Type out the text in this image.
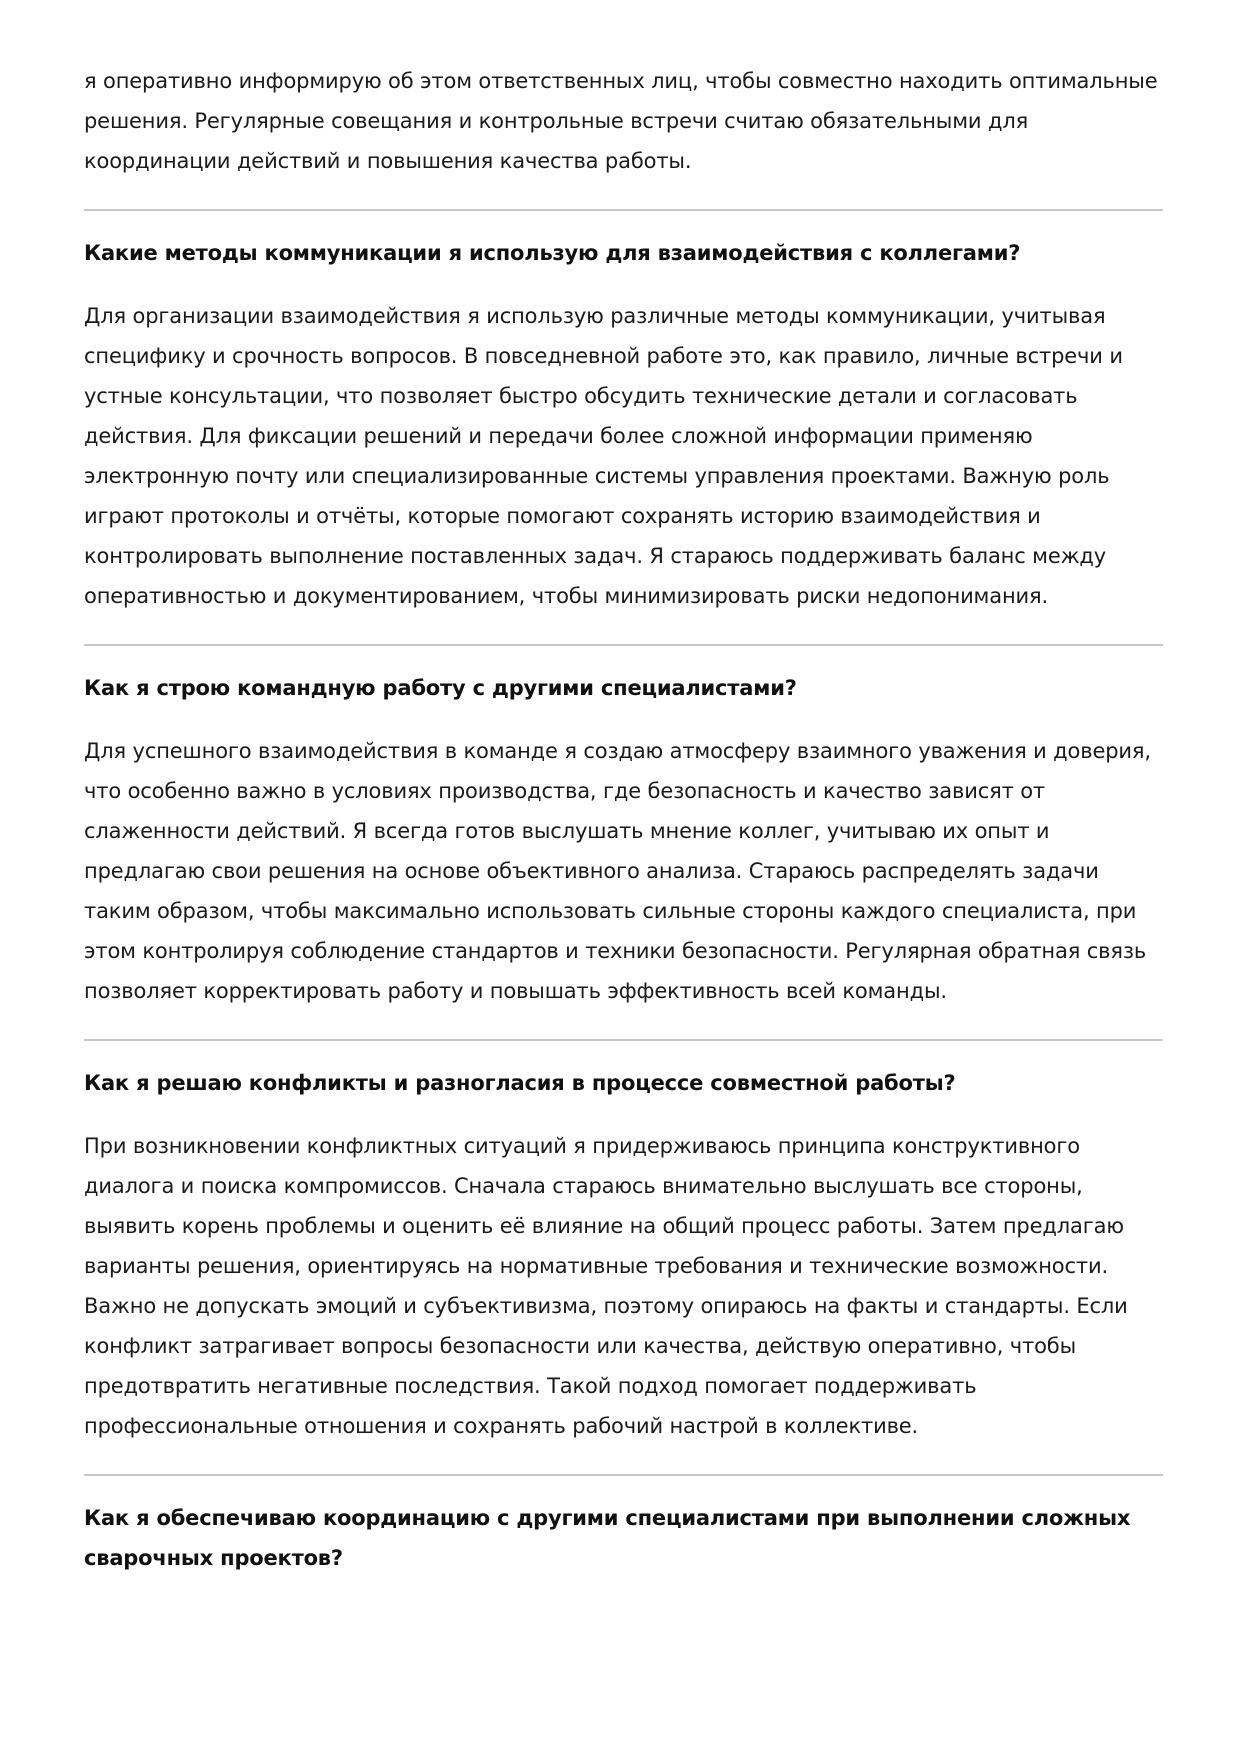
я оперативно информирую об этом ответственных лиц, чтобы совместно находить оптимальные решения. Регулярные совещания и контрольные встречи считаю обязательными для координации действий и повышения качества работы.

Какие методы коммуникации я использую для взаимодействия с коллегами?

Для организации взаимодействия я использую различные методы коммуникации, учитывая специфику и срочность вопросов. В повседневной работе это, как правило, личные встречи и устные консультации, что позволяет быстро обсудить технические детали и согласовать действия. Для фиксации решений и передачи более сложной информации применяю электронную почту или специализированные системы управления проектами. Важную роль играют протоколы и отчёты, которые помогают сохранять историю взаимодействия и контролировать выполнение поставленных задач. Я стараюсь поддерживать баланс между оперативностью и документированием, чтобы минимизировать риски недопонимания.

Как я строю командную работу с другими специалистами?

Для успешного взаимодействия в команде я создаю атмосферу взаимного уважения и доверия, что особенно важно в условиях производства, где безопасность и качество зависят от слаженности действий. Я всегда готов выслушать мнение коллег, учитываю их опыт и предлагаю свои решения на основе объективного анализа. Стараюсь распределять задачи таким образом, чтобы максимально использовать сильные стороны каждого специалиста, при этом контролируя соблюдение стандартов и техники безопасности. Регулярная обратная связь позволяет корректировать работу и повышать эффективность всей команды.

Как я решаю конфликты и разногласия в процессе совместной работы?

При возникновении конфликтных ситуаций я придерживаюсь принципа конструктивного диалога и поиска компромиссов. Сначала стараюсь внимательно выслушать все стороны, выявить корень проблемы и оценить её влияние на общий процесс работы. Затем предлагаю варианты решения, ориентируясь на нормативные требования и технические возможности. Важно не допускать эмоций и субъективизма, поэтому опираюсь на факты и стандарты. Если конфликт затрагивает вопросы безопасности или качества, действую оперативно, чтобы предотвратить негативные последствия. Такой подход помогает поддерживать профессиональные отношения и сохранять рабочий настрой в коллективе.

Как я обеспечиваю координацию с другими специалистами при выполнении сложных сварочных проектов?
